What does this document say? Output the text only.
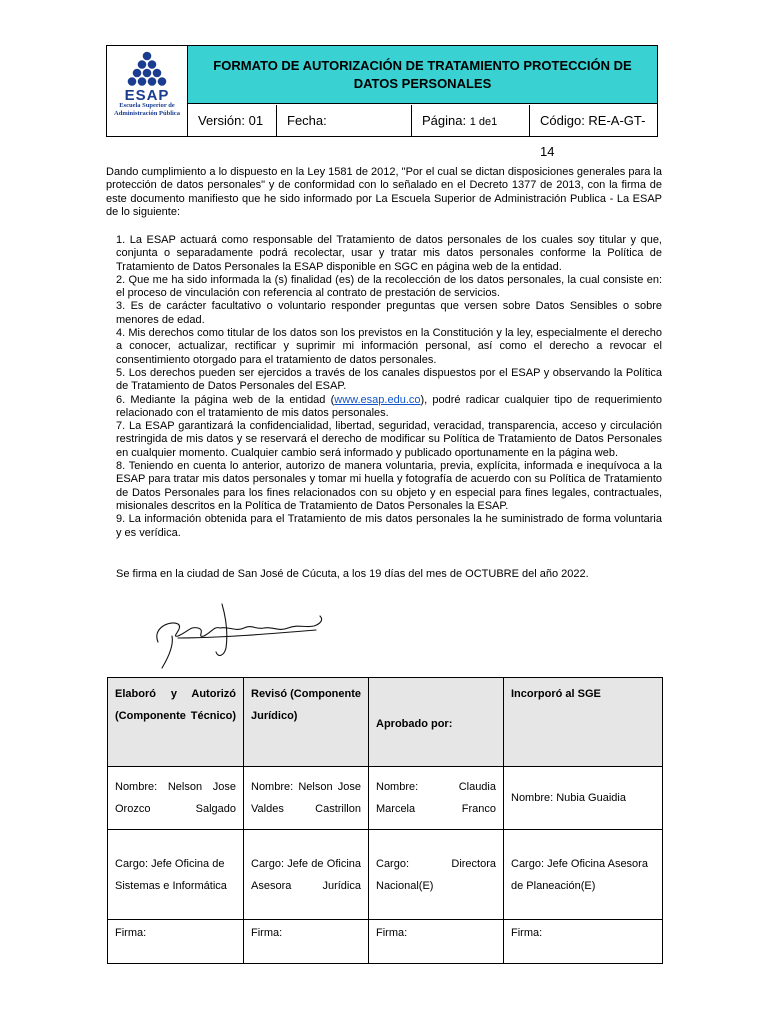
ESAP
Escuela Superior de Administración Pública
FORMATO DE AUTORIZACIÓN DE TRATAMIENTO PROTECCIÓN DE DATOS PERSONALES
Versión: 01	Fecha:	Página: 1 de1	Código: RE-A-GT-14
Dando cumplimiento a lo dispuesto en la Ley 1581 de 2012, "Por el cual se dictan disposiciones generales para la protección de datos personales" y de conformidad con lo señalado en el Decreto 1377 de 2013, con la firma de este documento manifiesto que he sido informado por La Escuela Superior de Administración Publica - La ESAP de lo siguiente:
1. La ESAP actuará como responsable del Tratamiento de datos personales de los cuales soy titular y que, conjunta o separadamente podrá recolectar, usar y tratar mis datos personales conforme la Política de Tratamiento de Datos Personales la ESAP disponible en SGC en página web de la entidad.
2. Que me ha sido informada la (s) finalidad (es) de la recolección de los datos personales, la cual consiste en: el proceso de vinculación con referencia al contrato de prestación de servicios.
3. Es de carácter facultativo o voluntario responder preguntas que versen sobre Datos Sensibles o sobre menores de edad.
4. Mis derechos como titular de los datos son los previstos en la Constitución y la ley, especialmente el derecho a conocer, actualizar, rectificar y suprimir mi información personal, así como el derecho a revocar el consentimiento otorgado para el tratamiento de datos personales.
5. Los derechos pueden ser ejercidos a través de los canales dispuestos por el ESAP y observando la Política de Tratamiento de Datos Personales del ESAP.
6. Mediante la página web de la entidad (www.esap.edu.co), podré radicar cualquier tipo de requerimiento relacionado con el tratamiento de mis datos personales.
7. La ESAP garantizará la confidencialidad, libertad, seguridad, veracidad, transparencia, acceso y circulación restringida de mis datos y se reservará el derecho de modificar su Política de Tratamiento de Datos Personales en cualquier momento. Cualquier cambio será informado y publicado oportunamente en la página web.
8. Teniendo en cuenta lo anterior, autorizo de manera voluntaria, previa, explícita, informada e inequívoca a la ESAP para tratar mis datos personales y tomar mi huella y fotografía de acuerdo con su Política de Tratamiento de Datos Personales para los fines relacionados con su objeto y en especial para fines legales, contractuales, misionales descritos en la Política de Tratamiento de Datos Personales la ESAP.
9. La información obtenida para el Tratamiento de mis datos personales la he suministrado de forma voluntaria y es verídica.
Se firma en la ciudad de San José de Cúcuta, a los 19 días del mes de OCTUBRE del año 2022.
Elaboró y Autorizó (Componente Técnico)	Revisó (Componente Jurídico)	Aprobado por:	Incorporó al SGE
Nombre: Nelson Jose Orozco Salgado	Nombre: Nelson Jose Valdes Castrillon	Nombre: Claudia Marcela Franco	Nombre: Nubia Guaidia
Cargo: Jefe Oficina de Sistemas e Informática	Cargo: Jefe de Oficina Asesora Jurídica	Cargo: Directora Nacional(E)	Cargo: Jefe Oficina Asesora de Planeación(E)
Firma:	Firma:	Firma:	Firma:
